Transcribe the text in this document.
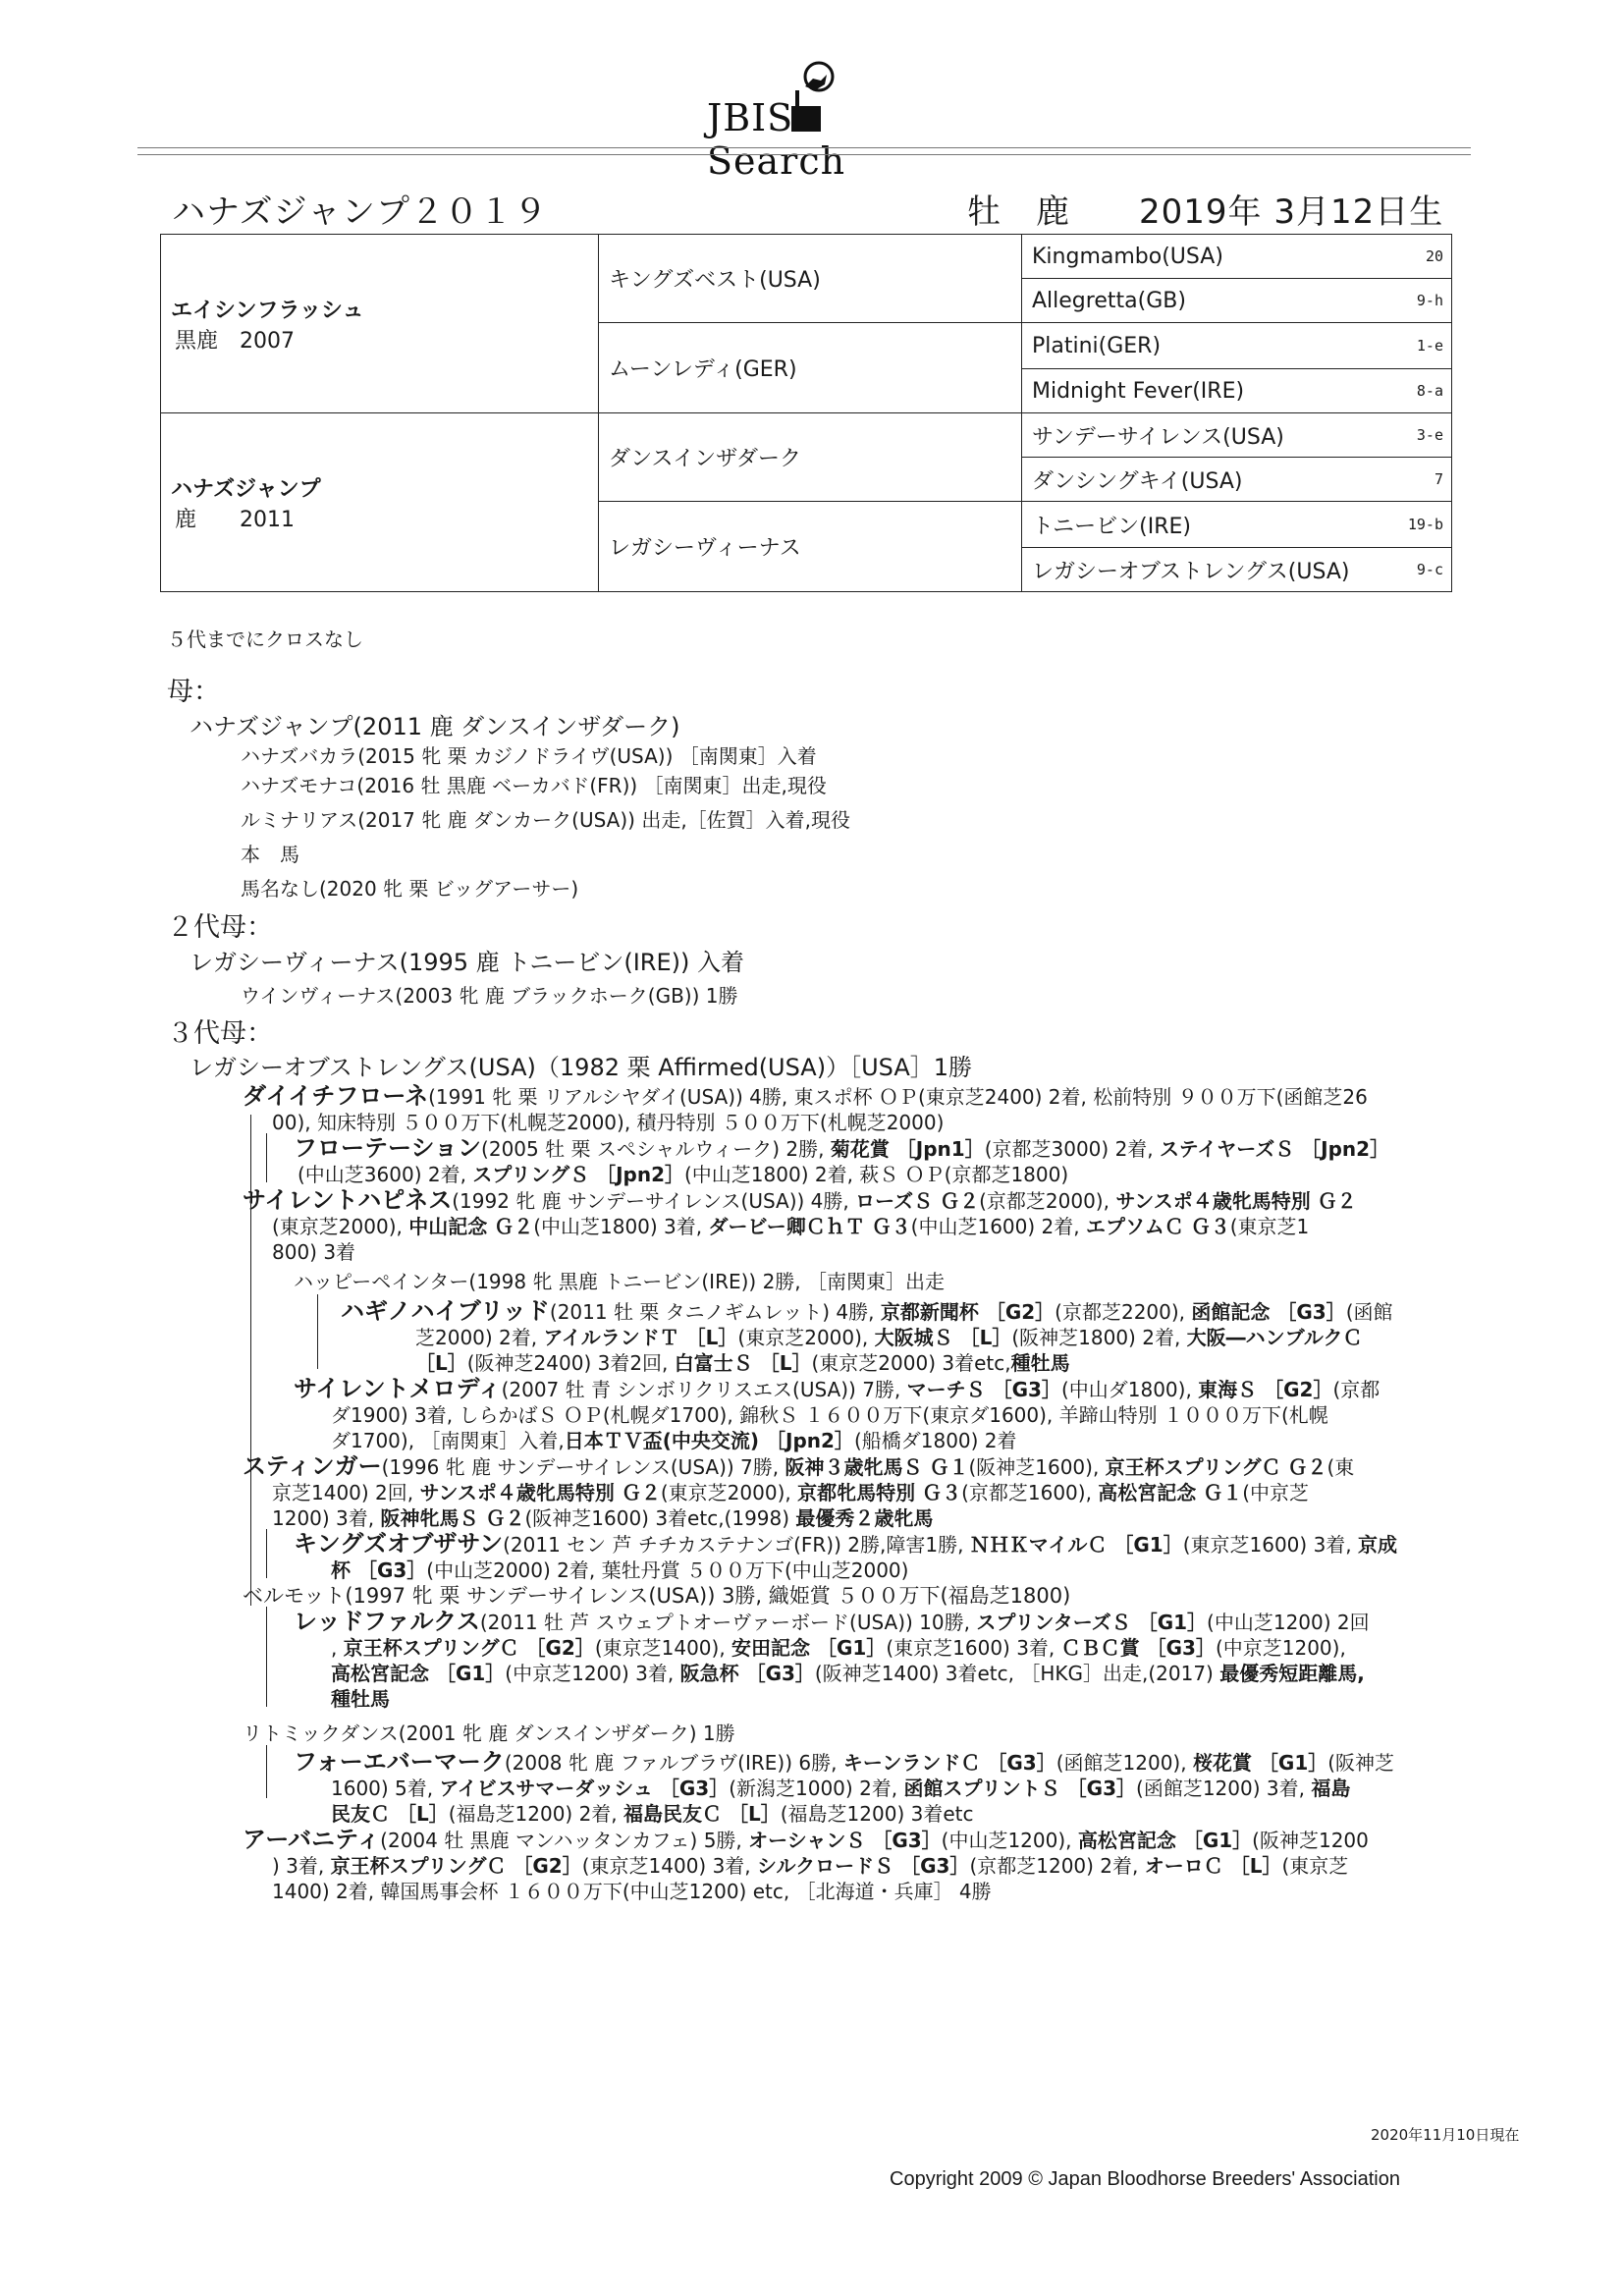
JBISSearch
ハナズジャンプ２０１９	牡　鹿　　 2019年 3月12日生
エイシンフラッシュ
黒鹿　2007	キングズベスト(USA)	Kingmambo(USA) 20

		Allegretta(GB) 9-h

	ムーンレディ(GER)	Platini(GER) 1-e

		Midnight Fever(IRE) 8-a

ハナズジャンプ
鹿　　2011	ダンスインザダーク	サンデーサイレンス(USA) 3-e

		ダンシングキイ(USA) 7

	レガシーヴィーナス	トニービン(IRE) 19-b

		レガシーオブストレングス(USA) 9-c
５代までにクロスなし
母：
ハナズジャンプ(2011 鹿 ダンスインザダーク)
ハナズバカラ(2015 牝 栗 カジノドライヴ(USA)) ［南関東］入着
ハナズモナコ(2016 牡 黒鹿 ベーカバド(FR)) ［南関東］出走,現役
ルミナリアス(2017 牝 鹿 ダンカーク(USA)) 出走,［佐賀］入着,現役
本　馬
馬名なし(2020 牝 栗 ビッグアーサー)
２代母：
レガシーヴィーナス(1995 鹿 トニービン(IRE)) 入着
ウインヴィーナス(2003 牝 鹿 ブラックホーク(GB)) 1勝
３代母：
レガシーオブストレングス(USA)（1982 栗 Affirmed(USA)）［USA］1勝
ダイイチフローネ(1991 牝 栗 リアルシヤダイ(USA)) 4勝, 東スポ杯 ＯＰ(東京芝2400) 2着, 松前特別 ９００万下(函館芝26
00), 知床特別 ５００万下(札幌芝2000), 積丹特別 ５００万下(札幌芝2000)
フローテーション(2005 牡 栗 スペシャルウィーク) 2勝, 菊花賞 ［Jpn1］(京都芝3000) 2着, ステイヤーズＳ ［Jpn2］
(中山芝3600) 2着, スプリングＳ ［Jpn2］(中山芝1800) 2着, 萩Ｓ ＯＰ(京都芝1800)
サイレントハピネス(1992 牝 鹿 サンデーサイレンス(USA)) 4勝, ローズＳ Ｇ２(京都芝2000), サンスポ４歳牝馬特別 Ｇ２
(東京芝2000), 中山記念 Ｇ２(中山芝1800) 3着, ダービー卿ＣｈＴ Ｇ３(中山芝1600) 2着, エプソムＣ Ｇ３(東京芝1
800) 3着
ハッピーペインター(1998 牝 黒鹿 トニービン(IRE)) 2勝, ［南関東］出走
ハギノハイブリッド(2011 牡 栗 タニノギムレット) 4勝, 京都新聞杯 ［G2］(京都芝2200), 函館記念 ［G3］(函館
芝2000) 2着, アイルランドＴ ［L］(東京芝2000), 大阪城Ｓ ［L］(阪神芝1800) 2着, 大阪―ハンブルクＣ
［L］(阪神芝2400) 3着2回, 白富士Ｓ ［L］(東京芝2000) 3着etc,種牡馬
サイレントメロディ(2007 牡 青 シンボリクリスエス(USA)) 7勝, マーチＳ ［G3］(中山ダ1800), 東海Ｓ ［G2］(京都
ダ1900) 3着, しらかばＳ ＯＰ(札幌ダ1700), 錦秋Ｓ １６００万下(東京ダ1600), 羊蹄山特別 １０００万下(札幌
ダ1700), ［南関東］入着,日本ＴＶ盃(中央交流) ［Jpn2］(船橋ダ1800) 2着
スティンガー(1996 牝 鹿 サンデーサイレンス(USA)) 7勝, 阪神３歳牝馬Ｓ Ｇ１(阪神芝1600), 京王杯スプリングＣ Ｇ２(東
京芝1400) 2回, サンスポ４歳牝馬特別 Ｇ２(東京芝2000), 京都牝馬特別 Ｇ３(京都芝1600), 高松宮記念 Ｇ１(中京芝
1200) 3着, 阪神牝馬Ｓ Ｇ２(阪神芝1600) 3着etc,(1998) 最優秀２歳牝馬
キングズオブザサン(2011 セン 芦 チチカステナンゴ(FR)) 2勝,障害1勝, ＮＨＫマイルＣ ［G1］(東京芝1600) 3着, 京成
杯 ［G3］(中山芝2000) 2着, 葉牡丹賞 ５００万下(中山芝2000)
ベルモット(1997 牝 栗 サンデーサイレンス(USA)) 3勝, 織姫賞 ５００万下(福島芝1800)
レッドファルクス(2011 牡 芦 スウェプトオーヴァーボード(USA)) 10勝, スプリンターズＳ ［G1］(中山芝1200) 2回
, 京王杯スプリングＣ ［G2］(東京芝1400), 安田記念 ［G1］(東京芝1600) 3着, ＣＢＣ賞 ［G3］(中京芝1200),
高松宮記念 ［G1］(中京芝1200) 3着, 阪急杯 ［G3］(阪神芝1400) 3着etc, ［HKG］出走,(2017) 最優秀短距離馬,
種牡馬
リトミックダンス(2001 牝 鹿 ダンスインザダーク) 1勝
フォーエバーマーク(2008 牝 鹿 ファルブラヴ(IRE)) 6勝, キーンランドＣ ［G3］(函館芝1200), 桜花賞 ［G1］(阪神芝
1600) 5着, アイビスサマーダッシュ ［G3］(新潟芝1000) 2着, 函館スプリントＳ ［G3］(函館芝1200) 3着, 福島
民友Ｃ ［L］(福島芝1200) 2着, 福島民友Ｃ ［L］(福島芝1200) 3着etc
アーバニティ(2004 牡 黒鹿 マンハッタンカフェ) 5勝, オーシャンＳ ［G3］(中山芝1200), 高松宮記念 ［G1］(阪神芝1200
) 3着, 京王杯スプリングＣ ［G2］(東京芝1400) 3着, シルクロードＳ ［G3］(京都芝1200) 2着, オーロＣ ［L］(東京芝
1400) 2着, 韓国馬事会杯 １６００万下(中山芝1200) etc, ［北海道・兵庫］ 4勝
2020年11月10日現在
Copyright 2009 © Japan Bloodhorse Breeders' Association
